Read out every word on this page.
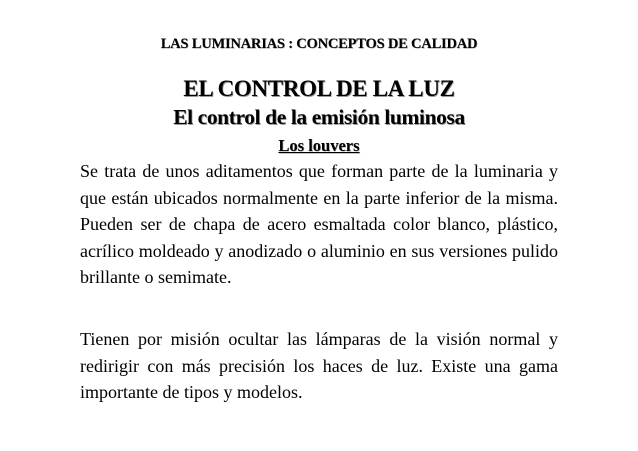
LAS LUMINARIAS : CONCEPTOS DE CALIDAD
EL CONTROL DE LA LUZ
El control de la emisión luminosa
Los louvers

Se trata de unos aditamentos que forman parte de la luminaria y que están ubicados normalmente en la parte inferior de la misma. Pueden ser de chapa de acero esmaltada color blanco, plástico, acrílico moldeado y anodizado o aluminio en sus versiones pulido brillante o semimate.

Tienen por misión ocultar las lámparas de la visión normal y redirigir con más precisión los haces de luz. Existe una gama importante de tipos y modelos.
